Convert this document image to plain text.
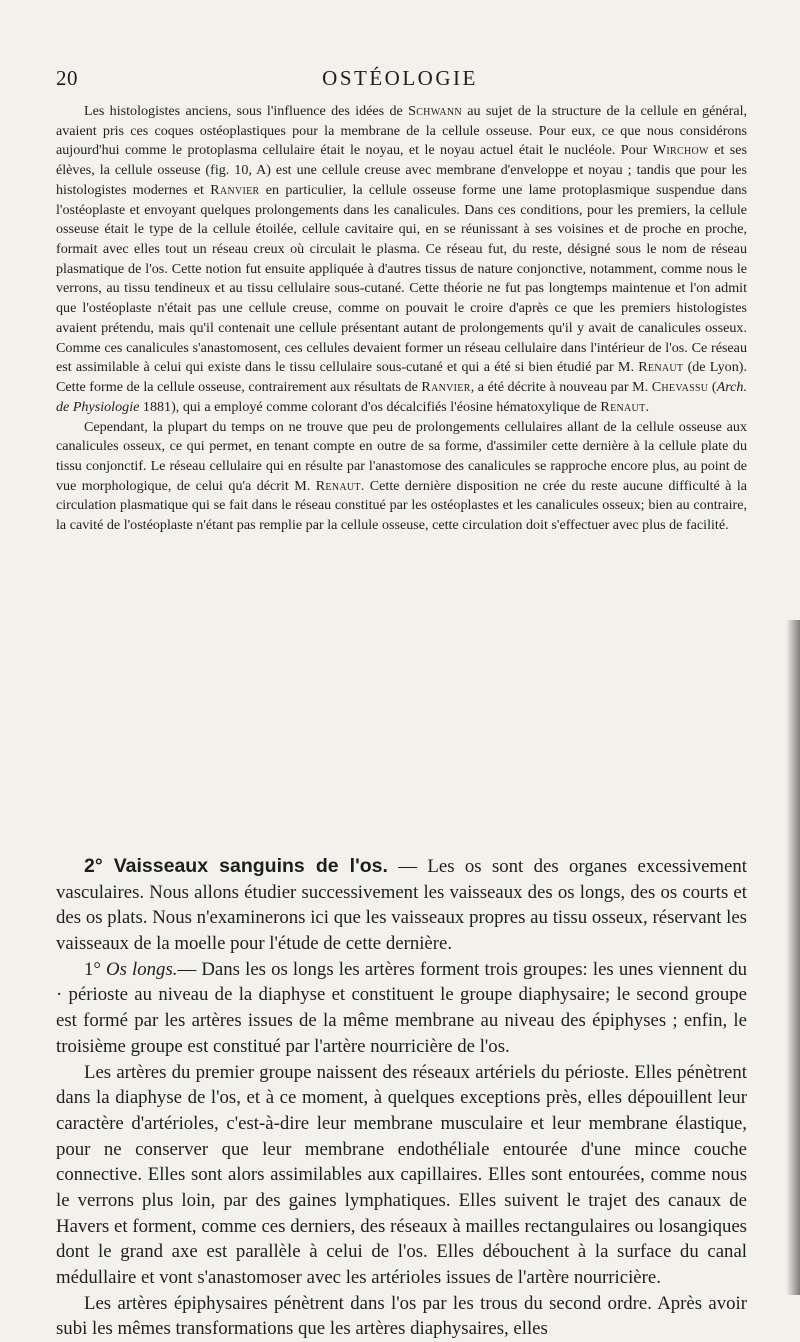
20	OSTÉOLOGIE

Les histologistes anciens, sous l'influence des idées de Schwann au sujet de la structure de la cellule en général, avaient pris ces coques ostéoplastiques pour la membrane de la cellule osseuse. Pour eux, ce que nous considérons aujourd'hui comme le protoplasma cellulaire était le noyau, et le noyau actuel était le nucléole. Pour Wirchow et ses élèves, la cellule osseuse (fig. 10, A) est une cellule creuse avec membrane d'enveloppe et noyau ; tandis que pour les histologistes modernes et Ranvier en particulier, la cellule osseuse forme une lame protoplasmique suspendue dans l'ostéoplaste et envoyant quelques prolongements dans les canalicules. Dans ces conditions, pour les premiers, la cellule osseuse était le type de la cellule étoilée, cellule cavitaire qui, en se réunissant à ses voisines et de proche en proche, formait avec elles tout un réseau creux où circulait le plasma. Ce réseau fut, du reste, désigné sous le nom de réseau plasmatique de l'os. Cette notion fut ensuite appliquée à d'autres tissus de nature conjonctive, notamment, comme nous le verrons, au tissu tendineux et au tissu cellulaire sous-cutané. Cette théorie ne fut pas longtemps maintenue et l'on admit que l'ostéoplaste n'était pas une cellule creuse, comme on pouvait le croire d'après ce que les premiers histologistes avaient prétendu, mais qu'il contenait une cellule présentant autant de prolongements qu'il y avait de canalicules osseux. Comme ces canalicules s'anastomosent, ces cellules devaient former un réseau cellulaire dans l'intérieur de l'os. Ce réseau est assimilable à celui qui existe dans le tissu cellulaire sous-cutané et qui a été si bien étudié par M. Renaut (de Lyon). Cette forme de la cellule osseuse, contrairement aux résultats de Ranvier, a été décrite à nouveau par M. Chevassu (Arch. de Physiologie 1881), qui a employé comme colorant d'os décalcifiés l'éosine hématoxylique de Renaut.

Cependant, la plupart du temps on ne trouve que peu de prolongements cellulaires allant de la cellule osseuse aux canalicules osseux, ce qui permet, en tenant compte en outre de sa forme, d'assimiler cette dernière à la cellule plate du tissu conjonctif. Le réseau cellulaire qui en résulte par l'anastomose des canalicules se rapproche encore plus, au point de vue morphologique, de celui qu'a décrit M. Renaut. Cette dernière disposition ne crée du reste aucune difficulté à la circulation plasmatique qui se fait dans le réseau constitué par les ostéoplastes et les canalicules osseux; bien au contraire, la cavité de l'ostéoplaste n'étant pas remplie par la cellule osseuse, cette circulation doit s'effectuer avec plus de facilité.

2° Vaisseaux sanguins de l'os. — Les os sont des organes excessivement vasculaires. Nous allons étudier successivement les vaisseaux des os longs, des os courts et des os plats. Nous n'examinerons ici que les vaisseaux propres au tissu osseux, réservant les vaisseaux de la moelle pour l'étude de cette dernière.

1° Os longs.— Dans les os longs les artères forment trois groupes: les unes viennent du · périoste au niveau de la diaphyse et constituent le groupe diaphysaire; le second groupe est formé par les artères issues de la même membrane au niveau des épiphyses ; enfin, le troisième groupe est constitué par l'artère nourricière de l'os.

Les artères du premier groupe naissent des réseaux artériels du périoste. Elles pénètrent dans la diaphyse de l'os, et à ce moment, à quelques exceptions près, elles dépouillent leur caractère d'artérioles, c'est-à-dire leur membrane musculaire et leur membrane élastique, pour ne conserver que leur membrane endothéliale entourée d'une mince couche connective. Elles sont alors assimilables aux capillaires. Elles sont entourées, comme nous le verrons plus loin, par des gaines lymphatiques. Elles suivent le trajet des canaux de Havers et forment, comme ces derniers, des réseaux à mailles rectangulaires ou losangiques dont le grand axe est parallèle à celui de l'os. Elles débouchent à la surface du canal médullaire et vont s'anastomoser avec les artérioles issues de l'artère nourricière.

Les artères épiphysaires pénètrent dans l'os par les trous du second ordre. Après avoir subi les mêmes transformations que les artères diaphysaires, elles
